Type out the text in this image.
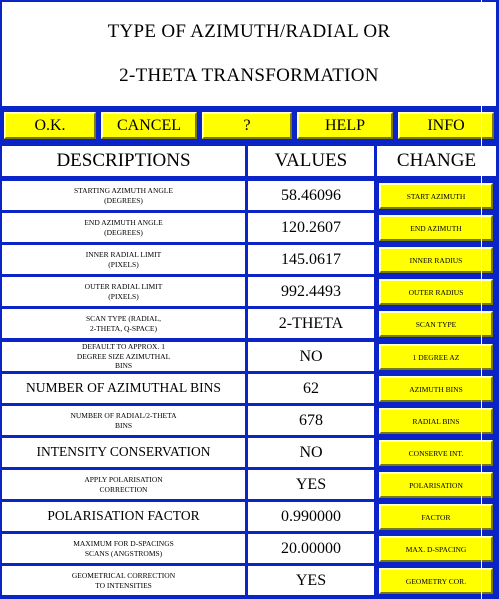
TYPE OF AZIMUTH/RADIAL OR
2-THETA TRANSFORMATION
O.K.	CANCEL	?	HELP	INFO
DESCRIPTIONS	VALUES	CHANGE
STARTING AZIMUTH ANGLE
(DEGREES)	58.46096	START AZIMUTH
END AZIMUTH ANGLE
(DEGREES)	120.2607	END AZIMUTH
INNER RADIAL LIMIT
(PIXELS)	145.0617	INNER RADIUS
OUTER RADIAL LIMIT
(PIXELS)	992.4493	OUTER RADIUS
SCAN TYPE (RADIAL,
2-THETA, Q-SPACE)	2-THETA	SCAN TYPE
DEFAULT TO APPROX. 1
DEGREE SIZE AZIMUTHAL
BINS
NO	1 DEGREE AZ
NUMBER OF AZIMUTHAL BINS	62	AZIMUTH BINS
NUMBER OF RADIAL/2-THETA
BINS	678	RADIAL BINS
INTENSITY CONSERVATION	NO	CONSERVE INT.
APPLY POLARISATION
CORRECTION	YES	POLARISATION
POLARISATION FACTOR	0.990000	FACTOR
MAXIMUM FOR D-SPACINGS
SCANS (ANGSTROMS)	20.00000	MAX. D-SPACING
GEOMETRICAL CORRECTION
TO INTENSITIES	YES	GEOMETRY COR.
